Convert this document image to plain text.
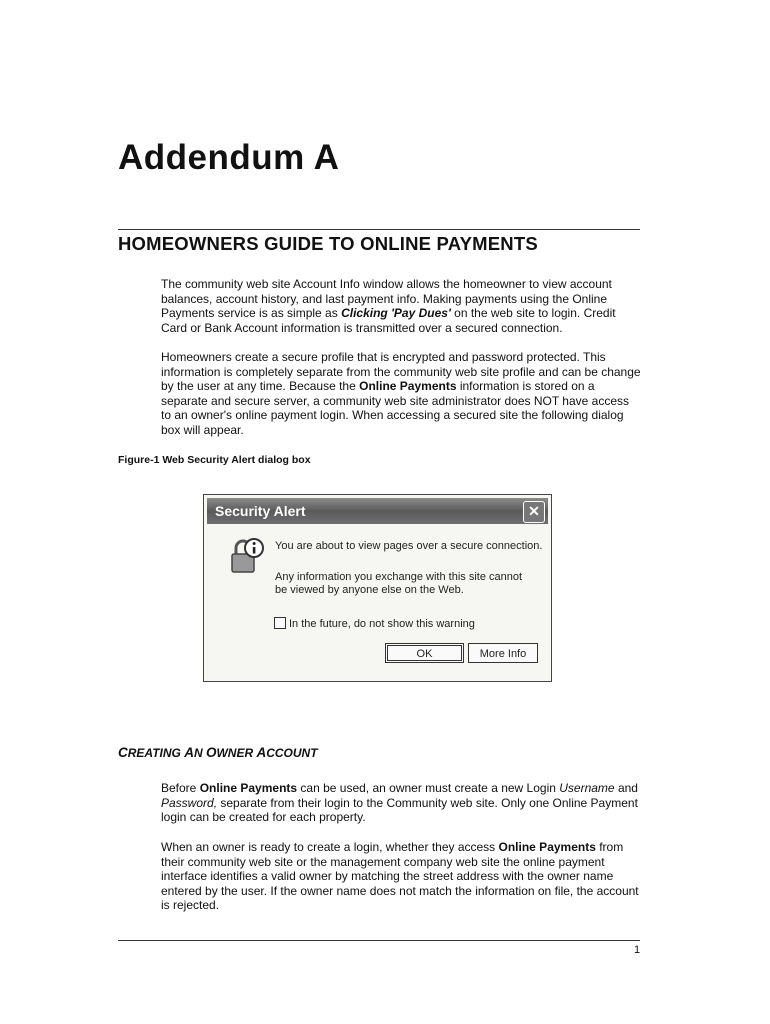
Addendum A
HOMEOWNERS GUIDE TO ONLINE PAYMENTS
The community web site Account Info window allows the homeowner to view account balances, account history, and last payment info. Making payments using the Online Payments service is as simple as Clicking 'Pay Dues' on the web site to login. Credit Card or Bank Account information is transmitted over a secured connection.
Homeowners create a secure profile that is encrypted and password protected. This information is completely separate from the community web site profile and can be change by the user at any time. Because the Online Payments information is stored on a separate and secure server, a community web site administrator does NOT have access to an owner's online payment login. When accessing a secured site the following dialog box will appear.
Figure-1 Web Security Alert dialog box
Security Alert	✕
You are about to view pages over a secure connection.
Any information you exchange with this site cannot be viewed by anyone else on the Web.
In the future, do not show this warning
OK	More Info
CREATING AN OWNER ACCOUNT
Before Online Payments can be used, an owner must create a new Login Username and Password, separate from their login to the Community web site. Only one Online Payment login can be created for each property.
When an owner is ready to create a login, whether they access Online Payments from their community web site or the management company web site the online payment interface identifies a valid owner by matching the street address with the owner name entered by the user. If the owner name does not match the information on file, the account is rejected.
1
